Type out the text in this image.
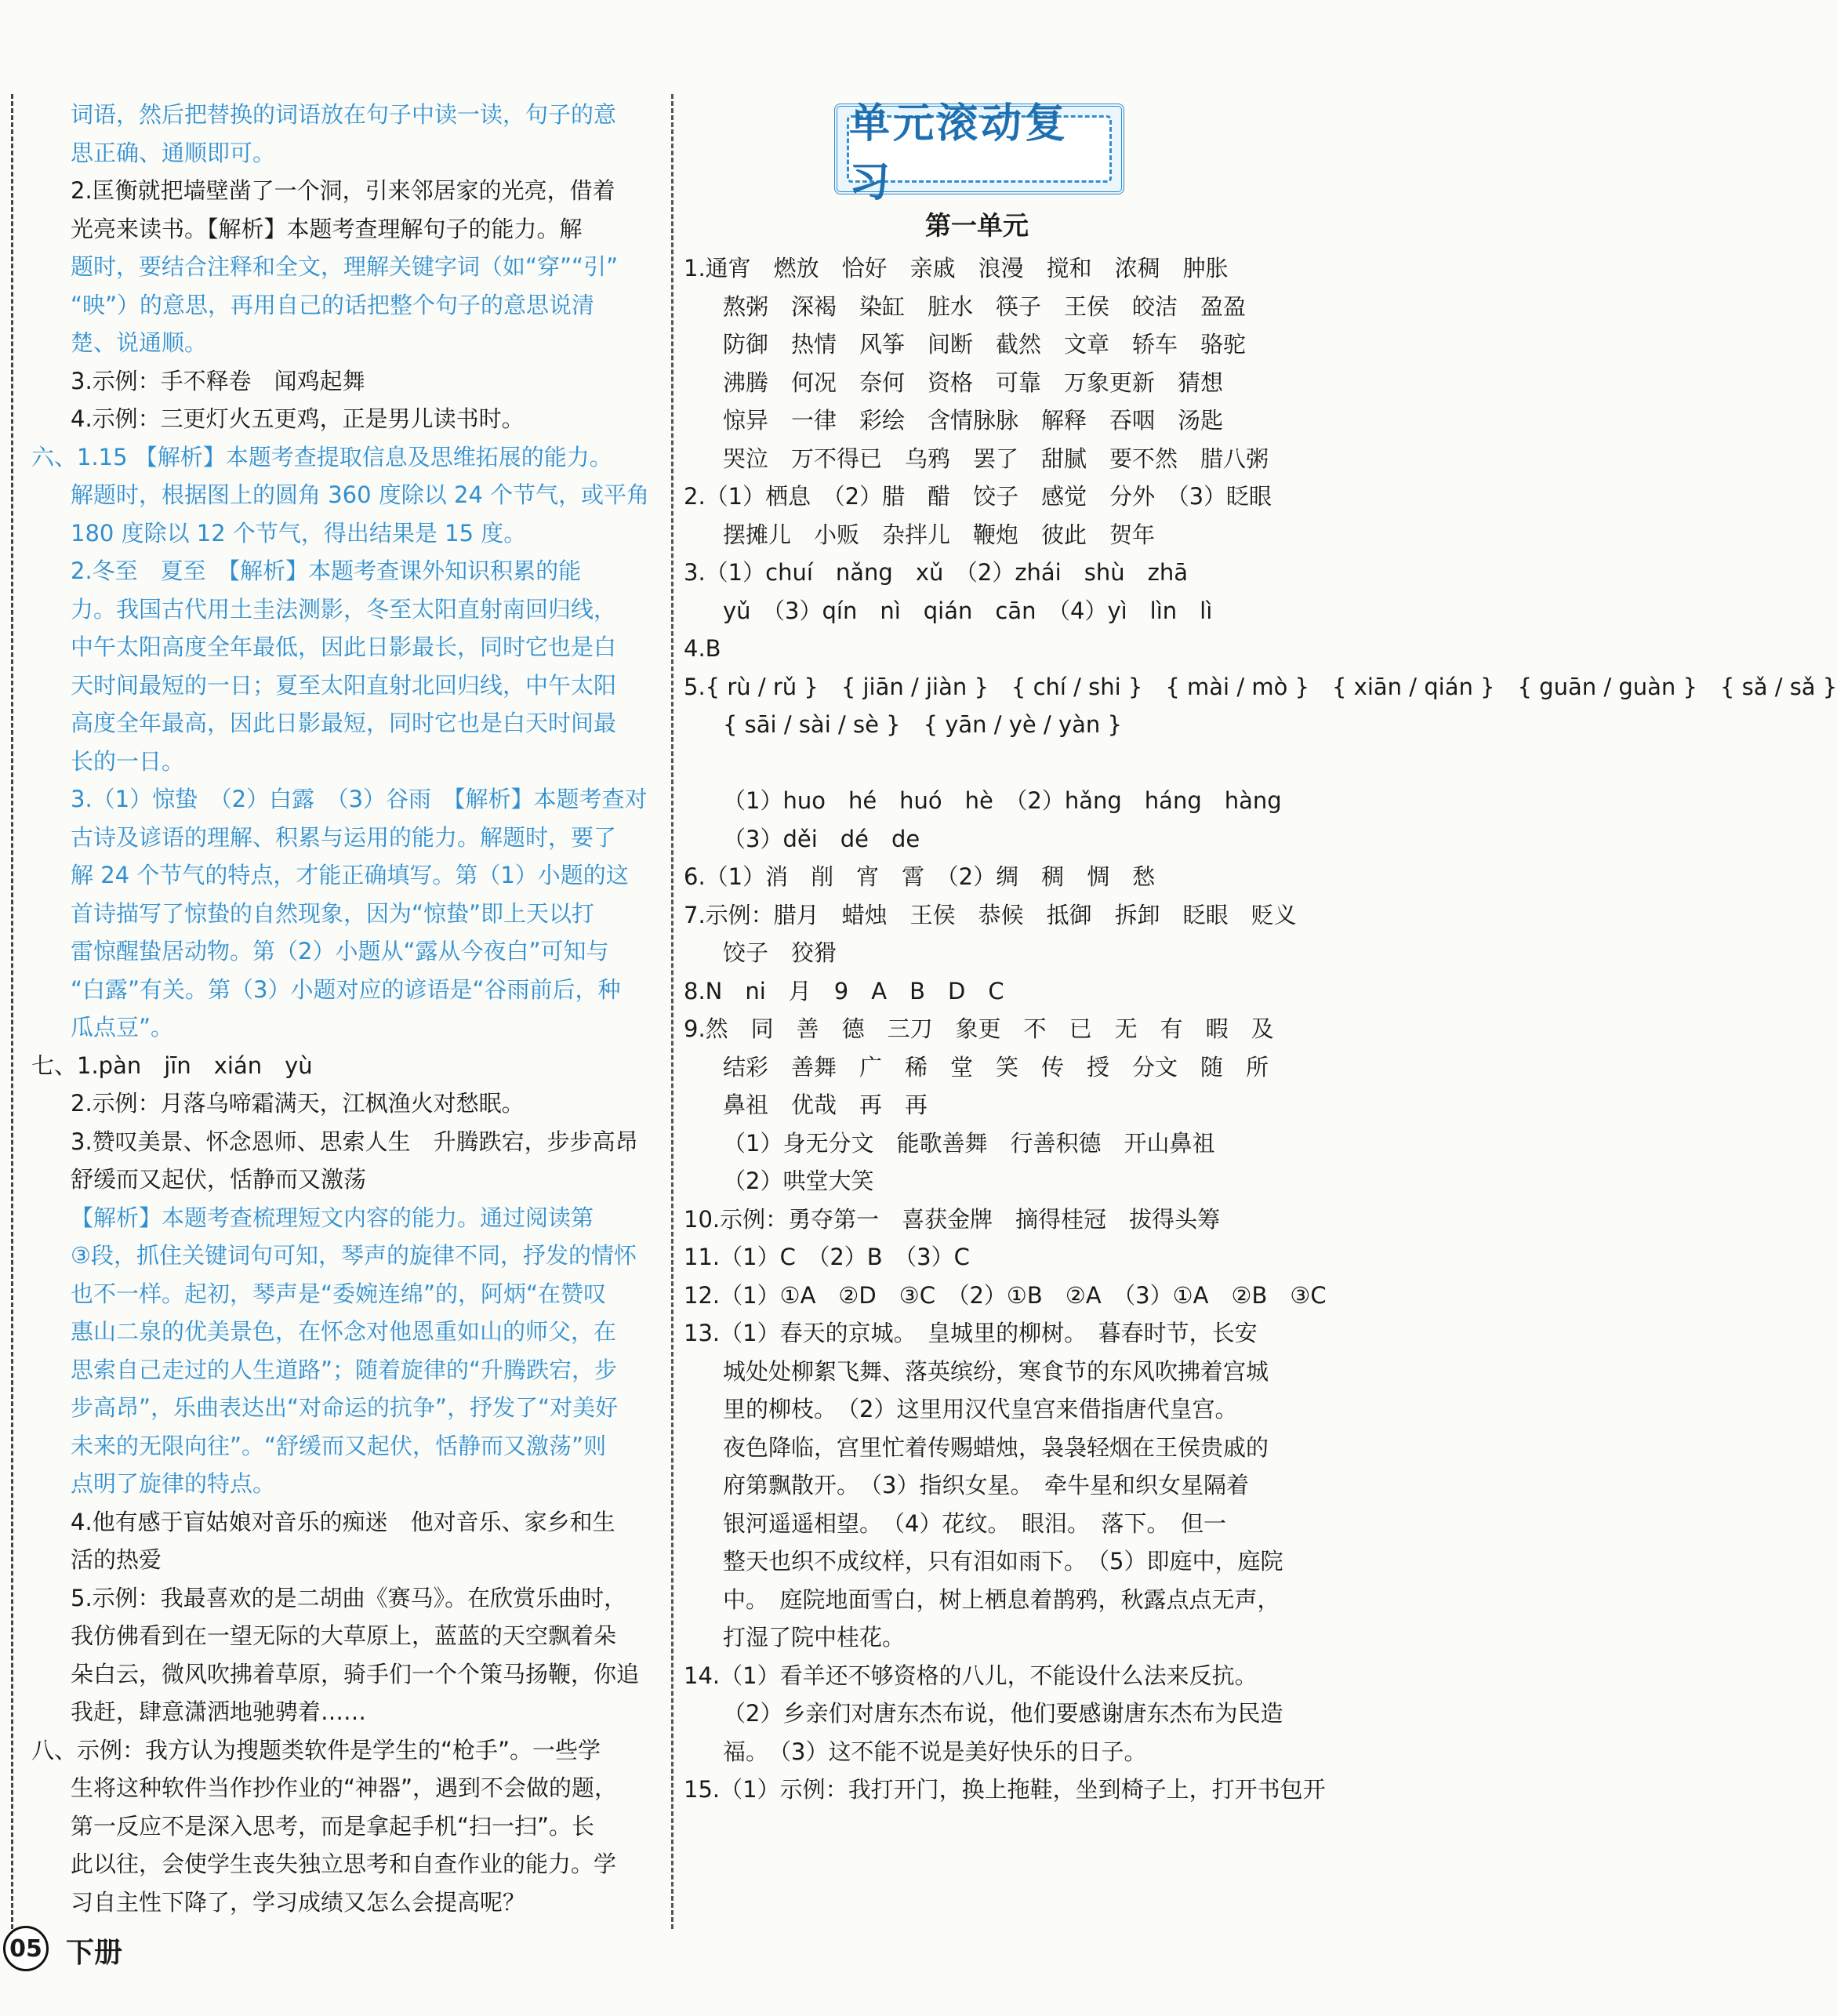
单元滚动复习
第一单元
词语，然后把替换的词语放在句子中读一读，句子的意
思正确、通顺即可。
2.匡衡就把墙壁凿了一个洞，引来邻居家的光亮，借着
光亮来读书。【解析】本题考查理解句子的能力。解
题时，要结合注释和全文，理解关键字词（如“穿”“引”
“映”）的意思，再用自己的话把整个句子的意思说清
楚、说通顺。
3.示例：手不释卷　闻鸡起舞
4.示例：三更灯火五更鸡，正是男儿读书时。
六、1.15 【解析】本题考查提取信息及思维拓展的能力。
解题时，根据图上的圆角 360 度除以 24 个节气，或平角
180 度除以 12 个节气，得出结果是 15 度。
2.冬至　夏至　【解析】本题考查课外知识积累的能
力。我国古代用土圭法测影，冬至太阳直射南回归线，
中午太阳高度全年最低，因此日影最长，同时它也是白
天时间最短的一日；夏至太阳直射北回归线，中午太阳
高度全年最高，因此日影最短，同时它也是白天时间最
长的一日。
3.（1）惊蛰　（2）白露　（3）谷雨　【解析】本题考查对
古诗及谚语的理解、积累与运用的能力。解题时，要了
解 24 个节气的特点，才能正确填写。第（1）小题的这
首诗描写了惊蛰的自然现象，因为“惊蛰”即上天以打
雷惊醒蛰居动物。第（2）小题从“露从今夜白”可知与
“白露”有关。第（3）小题对应的谚语是“谷雨前后，种
瓜点豆”。
七、1.pàn　jīn　xián　yù
2.示例：月落乌啼霜满天，江枫渔火对愁眠。
3.赞叹美景、怀念恩师、思索人生　升腾跌宕，步步高昂
舒缓而又起伏，恬静而又激荡
【解析】本题考查梳理短文内容的能力。通过阅读第
③段，抓住关键词句可知，琴声的旋律不同，抒发的情怀
也不一样。起初，琴声是“委婉连绵”的，阿炳“在赞叹
惠山二泉的优美景色，在怀念对他恩重如山的师父，在
思索自己走过的人生道路”；随着旋律的“升腾跌宕，步
步高昂”，乐曲表达出“对命运的抗争”，抒发了“对美好
未来的无限向往”。“舒缓而又起伏，恬静而又激荡”则
点明了旋律的特点。
4.他有感于盲姑娘对音乐的痴迷　他对音乐、家乡和生
活的热爱
5.示例：我最喜欢的是二胡曲《赛马》。在欣赏乐曲时，
我仿佛看到在一望无际的大草原上，蓝蓝的天空飘着朵
朵白云，微风吹拂着草原，骑手们一个个策马扬鞭，你追
我赶，肆意潇洒地驰骋着……
八、示例：我方认为搜题类软件是学生的“枪手”。一些学
生将这种软件当作抄作业的“神器”，遇到不会做的题，
第一反应不是深入思考，而是拿起手机“扫一扫”。长
此以往，会使学生丧失独立思考和自查作业的能力。学
习自主性下降了，学习成绩又怎么会提高呢？
1.通宵　燃放　恰好　亲戚　浪漫　搅和　浓稠　肿胀
熬粥　深褐　染缸　脏水　筷子　王侯　皎洁　盈盈
防御　热情　风筝　间断　截然　文章　轿车　骆驼
沸腾　何况　奈何　资格　可靠　万象更新　猜想
惊异　一律　彩绘　含情脉脉　解释　吞咽　汤匙
哭泣　万不得已　乌鸦　罢了　甜腻　要不然　腊八粥
2.（1）栖息　（2）腊　醋　饺子　感觉　分外　（3）眨眼
摆摊儿　小贩　杂拌儿　鞭炮　彼此　贺年
3.（1）chuí　nǎng　xǔ　（2）zhái　shù　zhā
yǔ　（3）qín　nì　qián　cān　（4）yì　lìn　lì
4.B
5.{ rù / rǔ }　{ jiān / jiàn }　{ chí / shi }　{ mài / mò }　{ xiān / qián }　{ guān / guàn }　{ sǎ / sǎ }
{ sāi / sài / sè }　{ yān / yè / yàn }
（1）huo　hé　huó　hè　（2）hǎng　háng　hàng
（3）děi　dé　de
6.（1）消　削　宵　霄　（2）绸　稠　惆　愁
7.示例：腊月　蜡烛　王侯　恭候　抵御　拆卸　眨眼　贬义
饺子　狡猾
8.N　ni　月　9　A　B　D　C
9.然　同　善　德　三刀　象更　不　已　无　有　暇　及
结彩　善舞　广　稀　堂　笑　传　授　分文　随　所
鼻祖　优哉　再　再
（1）身无分文　能歌善舞　行善积德　开山鼻祖
（2）哄堂大笑
10.示例：勇夺第一　喜获金牌　摘得桂冠　拔得头筹
11.（1）C　（2）B　（3）C
12.（1）①A　②D　③C　（2）①B　②A　（3）①A　②B　③C
13.（1）春天的京城。　皇城里的柳树。　暮春时节，长安
城处处柳絮飞舞、落英缤纷，寒食节的东风吹拂着宫城
里的柳枝。　（2）这里用汉代皇宫来借指唐代皇宫。
夜色降临，宫里忙着传赐蜡烛，袅袅轻烟在王侯贵戚的
府第飘散开。　（3）指织女星。　牵牛星和织女星隔着
银河遥遥相望。　（4）花纹。　眼泪。　落下。　但一
整天也织不成纹样，只有泪如雨下。　（5）即庭中，庭院
中。　庭院地面雪白，树上栖息着鹊鸦，秋露点点无声，
打湿了院中桂花。
14.（1）看羊还不够资格的八儿，不能设什么法来反抗。
（2）乡亲们对唐东杰布说，他们要感谢唐东杰布为民造
福。　（3）这不能不说是美好快乐的日子。
15.（1）示例：我打开门，换上拖鞋，坐到椅子上，打开书包开
05 下册
